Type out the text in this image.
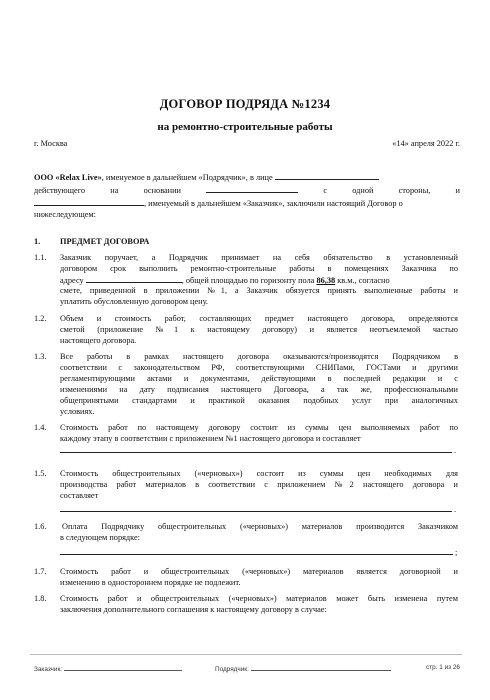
ДОГОВОР ПОДРЯДА №1234
на ремонтно-строительные работы
г. Москва	«14» апреля 2022 г.
ООО «Relax Live», именуемое в дальнейшем «Подрядчик», в лице
действующего	на	основании	с	одной	стороны,	и
, именуемый в дальнейшем «Заказчик», заключили настоящий Договор о
нижеследующем:
1. ПРЕДМЕТ ДОГОВОРА
1.1. Заказчик поручает, а Подрядчик принимает на себя обязательство в установленный
договором срок выполнить ремонтно-строительные работы в помещениях Заказчика по
адресу	, общей площадью по горизонту пола 86,38 кв.м., согласно
смете, приведенной в приложении №1, а Заказчик обязуется принять выполненные работы и
уплатить обусловленную договором цену.
1.2. Объем и стоимость работ, составляющих предмет настоящего договора, определяются
сметой (приложение №1 к настоящему договору) и является неотъемлемой частью
настоящего договора.
1.3. Все работы в рамках настоящего договора оказываются/производятся Подрядчиком в
соответствии с законодательством РФ, соответствующими СНИПами, ГОСТами и другими
регламентирующими актами и документами, действующими в последней редакции и с
изменениями на дату подписания настоящего Договора, а так же, профессиональными
общепринятыми стандартами и практикой оказания подобных услуг при аналогичных
условиях.
1.4. Стоимость работ по настоящему договору состоит из суммы цен выполняемых работ по
каждому этапу в соответствии с приложением №1 настоящего договора и составляет
.
1.5. Стоимость общестроительных («черновых») состоит из суммы цен необходимых для
производства работ материалов в соответствии с приложением №2 настоящего договора и
составляет
.
1.6. Оплата Подрядчику общестроительных («черновых») материалов производится Заказчиком
в следующем порядке:
;
1.7. Стоимость работ и общестроительных («черновых») материалов является договорной и
изменению в одностороннем порядке не подлежит.
1.8. Стоимость работ и общестроительных («черновых») материалов может быть изменена путем
заключения дополнительного соглашения к настоящему договору в случае:
Заказчик:	Подрядчик:	стр. 1 из 26
